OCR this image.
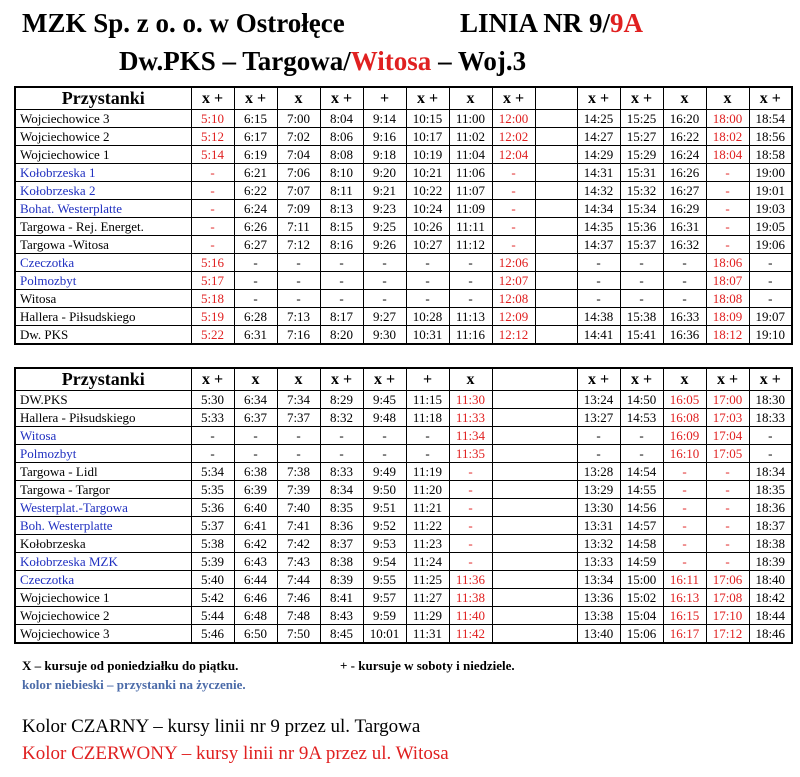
MZK Sp. z o. o. w Ostrołęce	LINIA NR 9/9A
Dw.PKS – Targowa/Witosa – Woj.3
Przystanki	x +	x +	x	x +	+	x +	x	x +		x +	x +	x	x	x +
Wojciechowice 3	5:10	6:15	7:00	8:04	9:14	10:15	11:00	12:00		14:25	15:25	16:20	18:00	18:54
Wojciechowice 2	5:12	6:17	7:02	8:06	9:16	10:17	11:02	12:02		14:27	15:27	16:22	18:02	18:56
Wojciechowice 1	5:14	6:19	7:04	8:08	9:18	10:19	11:04	12:04		14:29	15:29	16:24	18:04	18:58
Kołobrzeska 1	-	6:21	7:06	8:10	9:20	10:21	11:06	-		14:31	15:31	16:26	-	19:00
Kołobrzeska 2	-	6:22	7:07	8:11	9:21	10:22	11:07	-		14:32	15:32	16:27	-	19:01
Bohat. Westerplatte	-	6:24	7:09	8:13	9:23	10:24	11:09	-		14:34	15:34	16:29	-	19:03
Targowa - Rej. Energet.	-	6:26	7:11	8:15	9:25	10:26	11:11	-		14:35	15:36	16:31	-	19:05
Targowa -Witosa	-	6:27	7:12	8:16	9:26	10:27	11:12	-		14:37	15:37	16:32	-	19:06
Czeczotka	5:16	-	-	-	-	-	-	12:06		-	-	-	18:06	-
Polmozbyt	5:17	-	-	-	-	-	-	12:07		-	-	-	18:07	-
Witosa	5:18	-	-	-	-	-	-	12:08		-	-	-	18:08	-
Hallera - Piłsudskiego	5:19	6:28	7:13	8:17	9:27	10:28	11:13	12:09		14:38	15:38	16:33	18:09	19:07
Dw. PKS	5:22	6:31	7:16	8:20	9:30	10:31	11:16	12:12		14:41	15:41	16:36	18:12	19:10
Przystanki	x +	x	x	x +	x +	+	x		x +	x +	x	x +	x +
DW.PKS	5:30	6:34	7:34	8:29	9:45	11:15	11:30		13:24	14:50	16:05	17:00	18:30
Hallera - Piłsudskiego	5:33	6:37	7:37	8:32	9:48	11:18	11:33		13:27	14:53	16:08	17:03	18:33
Witosa	-	-	-	-	-	-	11:34		-	-	16:09	17:04	-
Polmozbyt	-	-	-	-	-	-	11:35		-	-	16:10	17:05	-
Targowa - Lidl	5:34	6:38	7:38	8:33	9:49	11:19	-		13:28	14:54	-	-	18:34
Targowa - Targor	5:35	6:39	7:39	8:34	9:50	11:20	-		13:29	14:55	-	-	18:35
Westerplat.-Targowa	5:36	6:40	7:40	8:35	9:51	11:21	-		13:30	14:56	-	-	18:36
Boh. Westerplatte	5:37	6:41	7:41	8:36	9:52	11:22	-		13:31	14:57	-	-	18:37
Kołobrzeska	5:38	6:42	7:42	8:37	9:53	11:23	-		13:32	14:58	-	-	18:38
Kołobrzeska MZK	5:39	6:43	7:43	8:38	9:54	11:24	-		13:33	14:59	-	-	18:39
Czeczotka	5:40	6:44	7:44	8:39	9:55	11:25	11:36		13:34	15:00	16:11	17:06	18:40
Wojciechowice 1	5:42	6:46	7:46	8:41	9:57	11:27	11:38		13:36	15:02	16:13	17:08	18:42
Wojciechowice 2	5:44	6:48	7:48	8:43	9:59	11:29	11:40		13:38	15:04	16:15	17:10	18:44
Wojciechowice 3	5:46	6:50	7:50	8:45	10:01	11:31	11:42		13:40	15:06	16:17	17:12	18:46
X – kursuje od poniedziałku do piątku.	+ - kursuje w soboty i niedziele.
kolor niebieski – przystanki na życzenie.
Kolor CZARNY – kursy linii nr 9 przez ul. Targowa
Kolor CZERWONY – kursy linii nr 9A przez ul. Witosa
